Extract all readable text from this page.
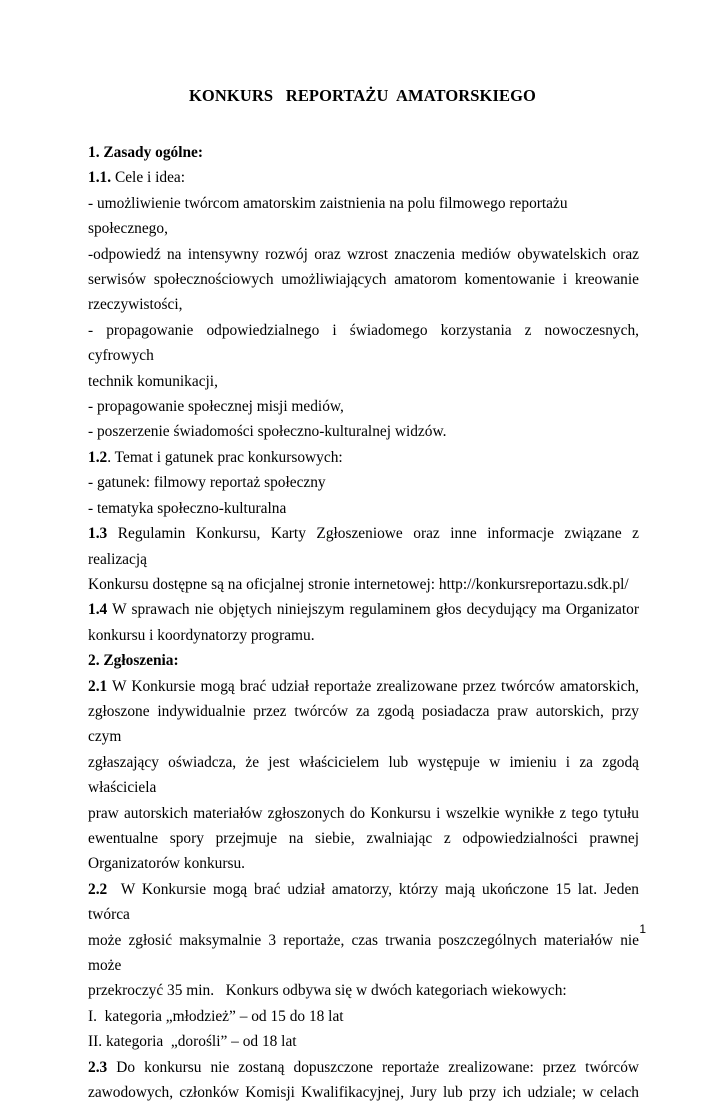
KONKURS   REPORTAŻU  AMATORSKIEGO
1. Zasady ogólne:
1.1. Cele i idea:
- umożliwienie twórcom amatorskim zaistnienia na polu filmowego reportażu społecznego,
-odpowiedź na intensywny rozwój oraz wzrost znaczenia mediów obywatelskich oraz
serwisów społecznościowych umożliwiających amatorom komentowanie i kreowanie
rzeczywistości,
- propagowanie odpowiedzialnego i świadomego korzystania z nowoczesnych, cyfrowych
technik komunikacji,
- propagowanie społecznej misji mediów,
- poszerzenie świadomości społeczno-kulturalnej widzów.
1.2. Temat i gatunek prac konkursowych:
- gatunek: filmowy reportaż społeczny
- tematyka społeczno-kulturalna
1.3 Regulamin Konkursu, Karty Zgłoszeniowe oraz inne informacje związane z realizacją
Konkursu dostępne są na oficjalnej stronie internetowej: http://konkursreportazu.sdk.pl/
1.4 W sprawach nie objętych niniejszym regulaminem głos decydujący ma Organizator
konkursu i koordynatorzy programu.
2. Zgłoszenia:
2.1 W Konkursie mogą brać udział reportaże zrealizowane przez twórców amatorskich,
zgłoszone indywidualnie przez twórców za zgodą posiadacza praw autorskich, przy czym
zgłaszający oświadcza, że jest właścicielem lub występuje w imieniu i za zgodą właściciela
praw autorskich materiałów zgłoszonych do Konkursu i wszelkie wynikłe z tego tytułu
ewentualne spory przejmuje na siebie, zwalniając z odpowiedzialności prawnej
Organizatorów konkursu.
2.2  W Konkursie mogą brać udział amatorzy, którzy mają ukończone 15 lat. Jeden twórca
może zgłosić maksymalnie 3 reportaże, czas trwania poszczególnych materiałów nie może
przekroczyć 35 min.   Konkurs odbywa się w dwóch kategoriach wiekowych:
I.  kategoria „młodzież” – od 15 do 18 lat
II. kategoria  „dorośli” – od 18 lat
2.3 Do konkursu nie zostaną dopuszczone reportaże zrealizowane: przez twórców
zawodowych, członków Komisji Kwalifikacyjnej, Jury lub przy ich udziale; w celach
1
